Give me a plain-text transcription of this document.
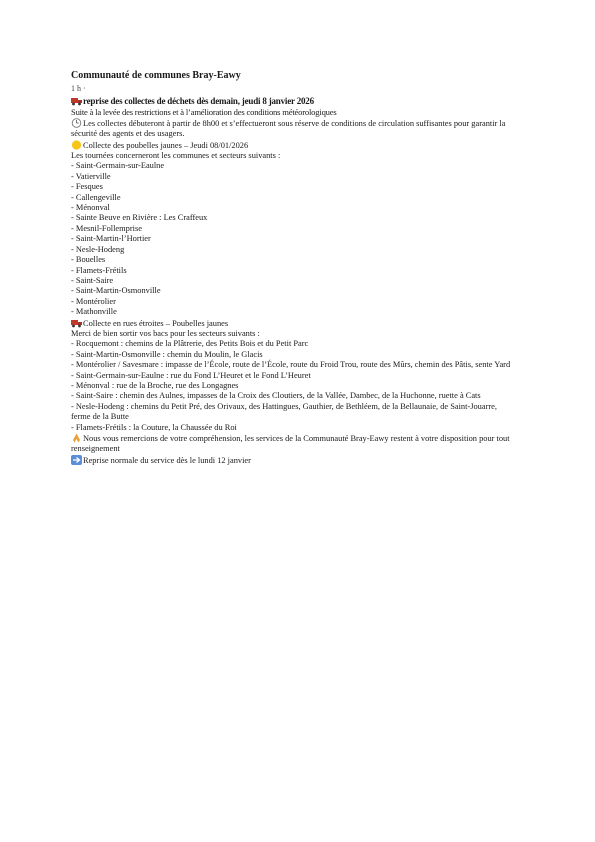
Communauté de communes Bray-Eawy
1 h ·
reprise des collectes de déchets dès demain, jeudi 8 janvier 2026
Suite à la levée des restrictions et à l’amélioration des conditions météorologiques
Les collectes débuteront à partir de 8h00 et s’effectueront sous réserve de conditions de circulation suffisantes pour garantir la sécurité des agents et des usagers.
Collecte des poubelles jaunes – Jeudi 08/01/2026
Les tournées concerneront les communes et secteurs suivants :
- Saint-Germain-sur-Eaulne
- Vatierville
- Fesques
- Callengeville
- Ménonval
- Sainte Beuve en Rivière : Les Craffeux
- Mesnil-Follemprise
- Saint-Martin-l’Hortier
- Nesle-Hodeng
- Bouelles
- Flamets-Frétils
- Saint-Saire
- Saint-Martin-Osmonville
- Montérolier
- Mathonville
Collecte en rues étroites – Poubelles jaunes
Merci de bien sortir vos bacs pour les secteurs suivants :
- Rocquemont : chemins de la Plâtrerie, des Petits Bois et du Petit Parc
- Saint-Martin-Osmonville : chemin du Moulin, le Glacis
- Montérolier / Savesmare : impasse de l’École, route de l’École, route du Froid Trou, route des Mûrs, chemin des Pâtis, sente Yard
- Saint-Germain-sur-Eaulne : rue du Fond L’Heuret et le Fond L’Heuret
- Ménonval : rue de la Broche, rue des Longagnes
- Saint-Saire : chemin des Aulnes, impasses de la Croix des Cloutiers, de la Vallée, Dambec, de la Huchonne, ruette à Cats
- Nesle-Hodeng : chemins du Petit Pré, des Orivaux, des Hattingues, Gauthier, de Bethléem, de la Bellaunaie, de Saint-Jouarre, ferme de la Butte
- Flamets-Frétils : la Couture, la Chaussée du Roi
Nous vous remercions de votre compréhension, les services de la Communauté Bray-Eawy restent à votre disposition pour tout renseignement
Reprise normale du service dès le lundi 12 janvier
